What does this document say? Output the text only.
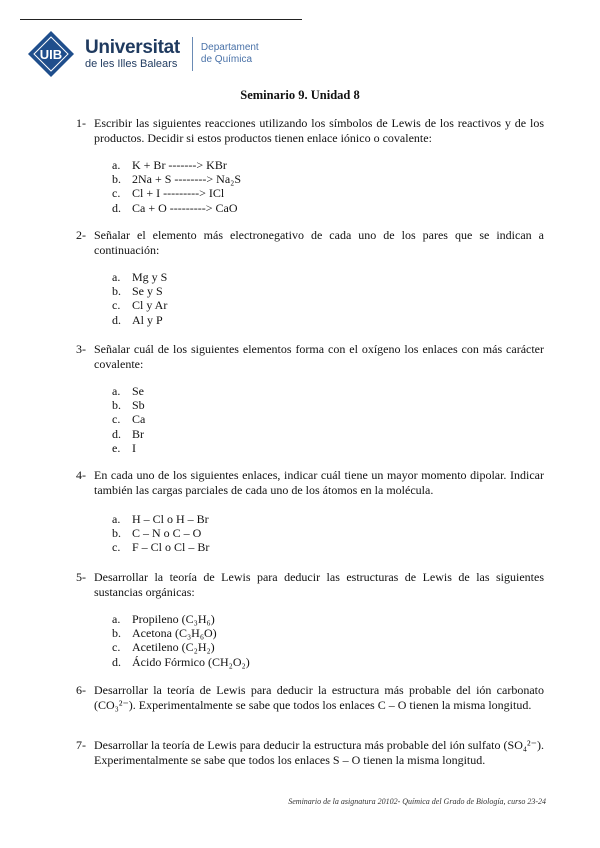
UIB Universitat
de les Illes Balears
Departament
de Química
Seminario 9. Unidad 8
1- Escribir las siguientes reacciones utilizando los símbolos de Lewis de los reactivos y de los productos. Decidir si estos productos tienen enlace iónico o covalente:
a. K + Br -------> KBr
b. 2Na + S --------> Na₂S
c. Cl + I ---------> ICl
d. Ca + O ---------> CaO
2- Señalar el elemento más electronegativo de cada uno de los pares que se indican a continuación:
a. Mg y S
b. Se y S
c. Cl y Ar
d. Al y P
3- Señalar cuál de los siguientes elementos forma con el oxígeno los enlaces con más carácter covalente:
a. Se
b. Sb
c. Ca
d. Br
e. I
4- En cada uno de los siguientes enlaces, indicar cuál tiene un mayor momento dipolar. Indicar también las cargas parciales de cada uno de los átomos en la molécula.
a. H – Cl o H – Br
b. C – N o C – O
c. F – Cl o Cl – Br
5- Desarrollar la teoría de Lewis para deducir las estructuras de Lewis de las siguientes sustancias orgánicas:
a. Propileno (C₃H₆)
b. Acetona (C₃H₆O)
c. Acetileno (C₂H₂)
d. Ácido Fórmico (CH₂O₂)
6- Desarrollar la teoría de Lewis para deducir la estructura más probable del ión carbonato (CO₃²⁻). Experimentalmente se sabe que todos los enlaces C – O tienen la misma longitud.
7- Desarrollar la teoría de Lewis para deducir la estructura más probable del ión sulfato (SO₄²⁻). Experimentalmente se sabe que todos los enlaces S – O tienen la misma longitud.
Seminario de la asignatura 20102- Química del Grado de Biología, curso 23-24
